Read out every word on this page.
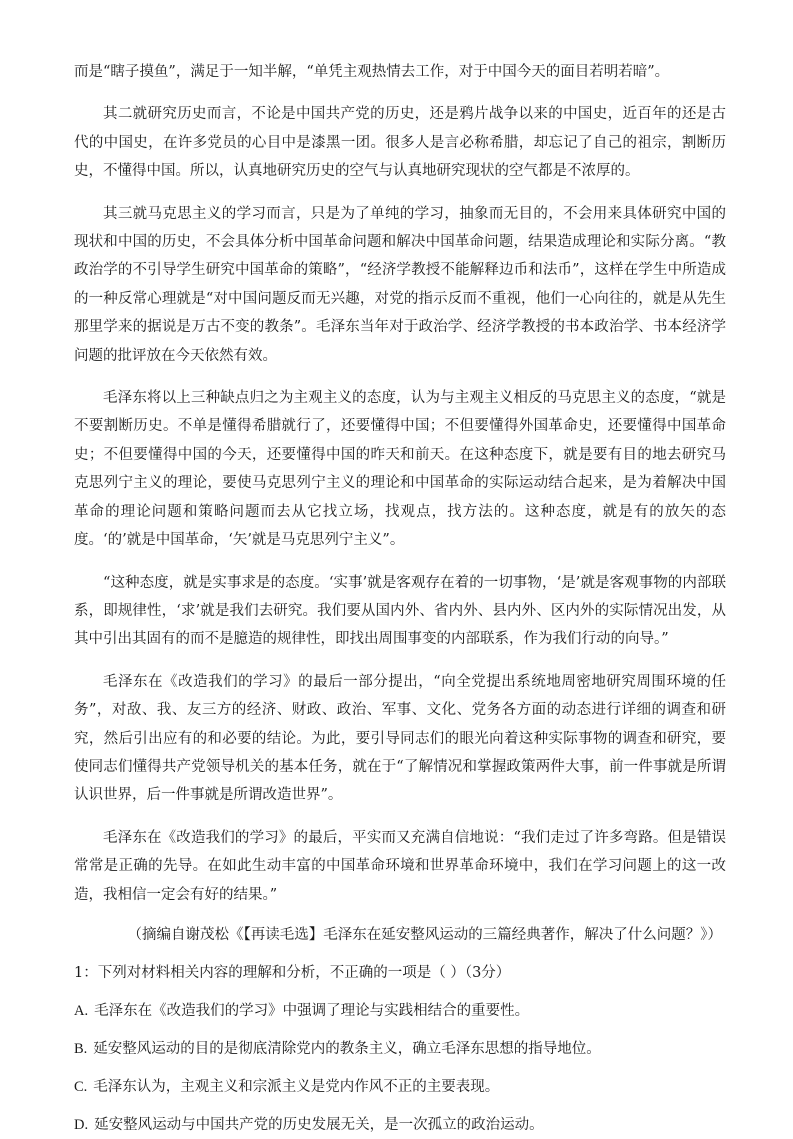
而是“瞎子摸鱼”，满足于一知半解，“单凭主观热情去工作，对于中国今天的面目若明若暗”。

其二就研究历史而言，不论是中国共产党的历史，还是鸦片战争以来的中国史，近百年的还是古代的中国史，在许多党员的心目中是漆黑一团。很多人是言必称希腊，却忘记了自己的祖宗，割断历史，不懂得中国。所以，认真地研究历史的空气与认真地研究现状的空气都是不浓厚的。

其三就马克思主义的学习而言，只是为了单纯的学习，抽象而无目的，不会用来具体研究中国的现状和中国的历史，不会具体分析中国革命问题和解决中国革命问题，结果造成理论和实际分离。“教政治学的不引导学生研究中国革命的策略”，“经济学教授不能解释边币和法币”，这样在学生中所造成的一种反常心理就是“对中国问题反而无兴趣，对党的指示反而不重视，他们一心向往的，就是从先生那里学来的据说是万古不变的教条”。毛泽东当年对于政治学、经济学教授的书本政治学、书本经济学问题的批评放在今天依然有效。

毛泽东将以上三种缺点归之为主观主义的态度，认为与主观主义相反的马克思主义的态度，“就是不要割断历史。不单是懂得希腊就行了，还要懂得中国；不但要懂得外国革命史，还要懂得中国革命史；不但要懂得中国的今天，还要懂得中国的昨天和前天。在这种态度下，就是要有目的地去研究马克思列宁主义的理论，要使马克思列宁主义的理论和中国革命的实际运动结合起来，是为着解决中国革命的理论问题和策略问题而去从它找立场，找观点，找方法的。这种态度，就是有的放矢的态度。‘的’就是中国革命，‘矢’就是马克思列宁主义”。

“这种态度，就是实事求是的态度。‘实事’就是客观存在着的一切事物，‘是’就是客观事物的内部联系，即规律性，‘求’就是我们去研究。我们要从国内外、省内外、县内外、区内外的实际情况出发，从其中引出其固有的而不是臆造的规律性，即找出周围事变的内部联系，作为我们行动的向导。”

毛泽东在《改造我们的学习》的最后一部分提出，“向全党提出系统地周密地研究周围环境的任务”，对敌、我、友三方的经济、财政、政治、军事、文化、党务各方面的动态进行详细的调查和研究，然后引出应有的和必要的结论。为此，要引导同志们的眼光向着这种实际事物的调查和研究，要使同志们懂得共产党领导机关的基本任务，就在于“了解情况和掌握政策两件大事，前一件事就是所谓认识世界，后一件事就是所谓改造世界”。

毛泽东在《改造我们的学习》的最后，平实而又充满自信地说：“我们走过了许多弯路。但是错误常常是正确的先导。在如此生动丰富的中国革命环境和世界革命环境中，我们在学习问题上的这一改造，我相信一定会有好的结果。”

（摘编自谢茂松《【再读毛选】毛泽东在延安整风运动的三篇经典著作，解决了什么问题？》）

1：下列对材料相关内容的理解和分析，不正确的一项是（ ）（3分）

A. 毛泽东在《改造我们的学习》中强调了理论与实践相结合的重要性。

B. 延安整风运动的目的是彻底清除党内的教条主义，确立毛泽东思想的指导地位。

C. 毛泽东认为，主观主义和宗派主义是党内作风不正的主要表现。

D. 延安整风运动与中国共产党的历史发展无关，是一次孤立的政治运动。
